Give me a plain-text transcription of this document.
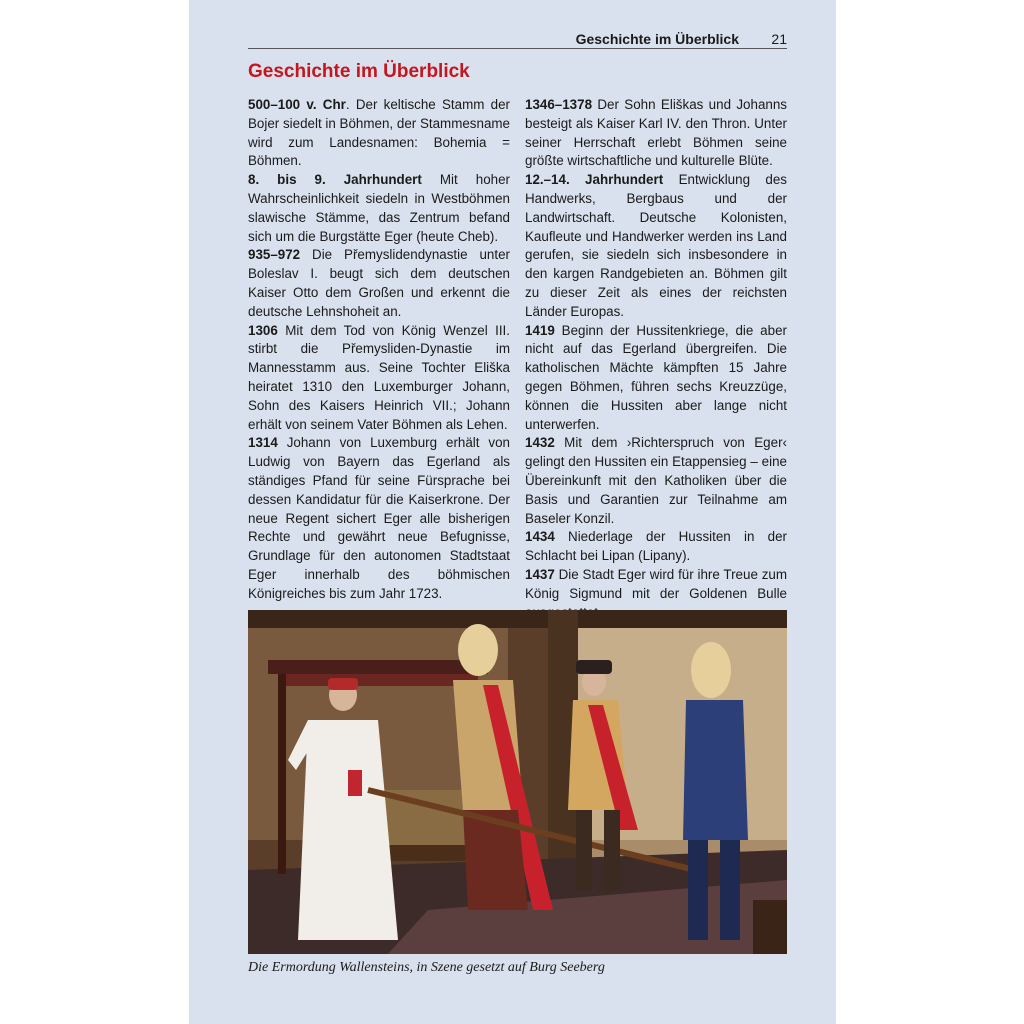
Geschichte im Überblick 21
Geschichte im Überblick

500–100 v. Chr. Der keltische Stamm der Bojer siedelt in Böhmen, der Stammesname wird zum Landesnamen: Bohemia = Böhmen.

8. bis 9. Jahrhundert Mit hoher Wahrscheinlichkeit siedeln in Westböhmen slawische Stämme, das Zentrum befand sich um die Burgstätte Eger (heute Cheb).

935–972 Die Přemyslidendynastie unter Boleslav I. beugt sich dem deutschen Kaiser Otto dem Großen und erkennt die deutsche Lehnshoheit an.

1306 Mit dem Tod von König Wenzel III. stirbt die Přemysliden-Dynastie im Mannesstamm aus. Seine Tochter Eliška heiratet 1310 den Luxemburger Johann, Sohn des Kaisers Heinrich VII.; Johann erhält von seinem Vater Böhmen als Lehen.

1314 Johann von Luxemburg erhält von Ludwig von Bayern das Egerland als ständiges Pfand für seine Fürsprache bei dessen Kandidatur für die Kaiserkrone. Der neue Regent sichert Eger alle bisherigen Rechte und gewährt neue Befugnisse, Grundlage für den autonomen Stadtstaat Eger innerhalb des böhmischen Königreiches bis zum Jahr 1723.

1346–1378 Der Sohn Eliškas und Johanns besteigt als Kaiser Karl IV. den Thron. Unter seiner Herrschaft erlebt Böhmen seine größte wirtschaftliche und kulturelle Blüte.

12.–14. Jahrhundert Entwicklung des Handwerks, Bergbaus und der Landwirtschaft. Deutsche Kolonisten, Kaufleute und Handwerker werden ins Land gerufen, sie siedeln sich insbesondere in den kargen Randgebieten an. Böhmen gilt zu dieser Zeit als eines der reichsten Länder Europas.

1419 Beginn der Hussitenkriege, die aber nicht auf das Egerland übergreifen. Die katholischen Mächte kämpften 15 Jahre gegen Böhmen, führen sechs Kreuzzüge, können die Hussiten aber lange nicht unterwerfen.

1432 Mit dem ›Richterspruch von Eger‹ gelingt den Hussiten ein Etappensieg – eine Übereinkunft mit den Katholiken über die Basis und Garantien zur Teilnahme am Baseler Konzil.

1434 Niederlage der Hussiten in der Schlacht bei Lipan (Lipany).

1437 Die Stadt Eger wird für ihre Treue zum König Sigmund mit der Goldenen Bulle

Die Ermordung Wallensteins, in Szene gesetzt auf Burg Seeberg
